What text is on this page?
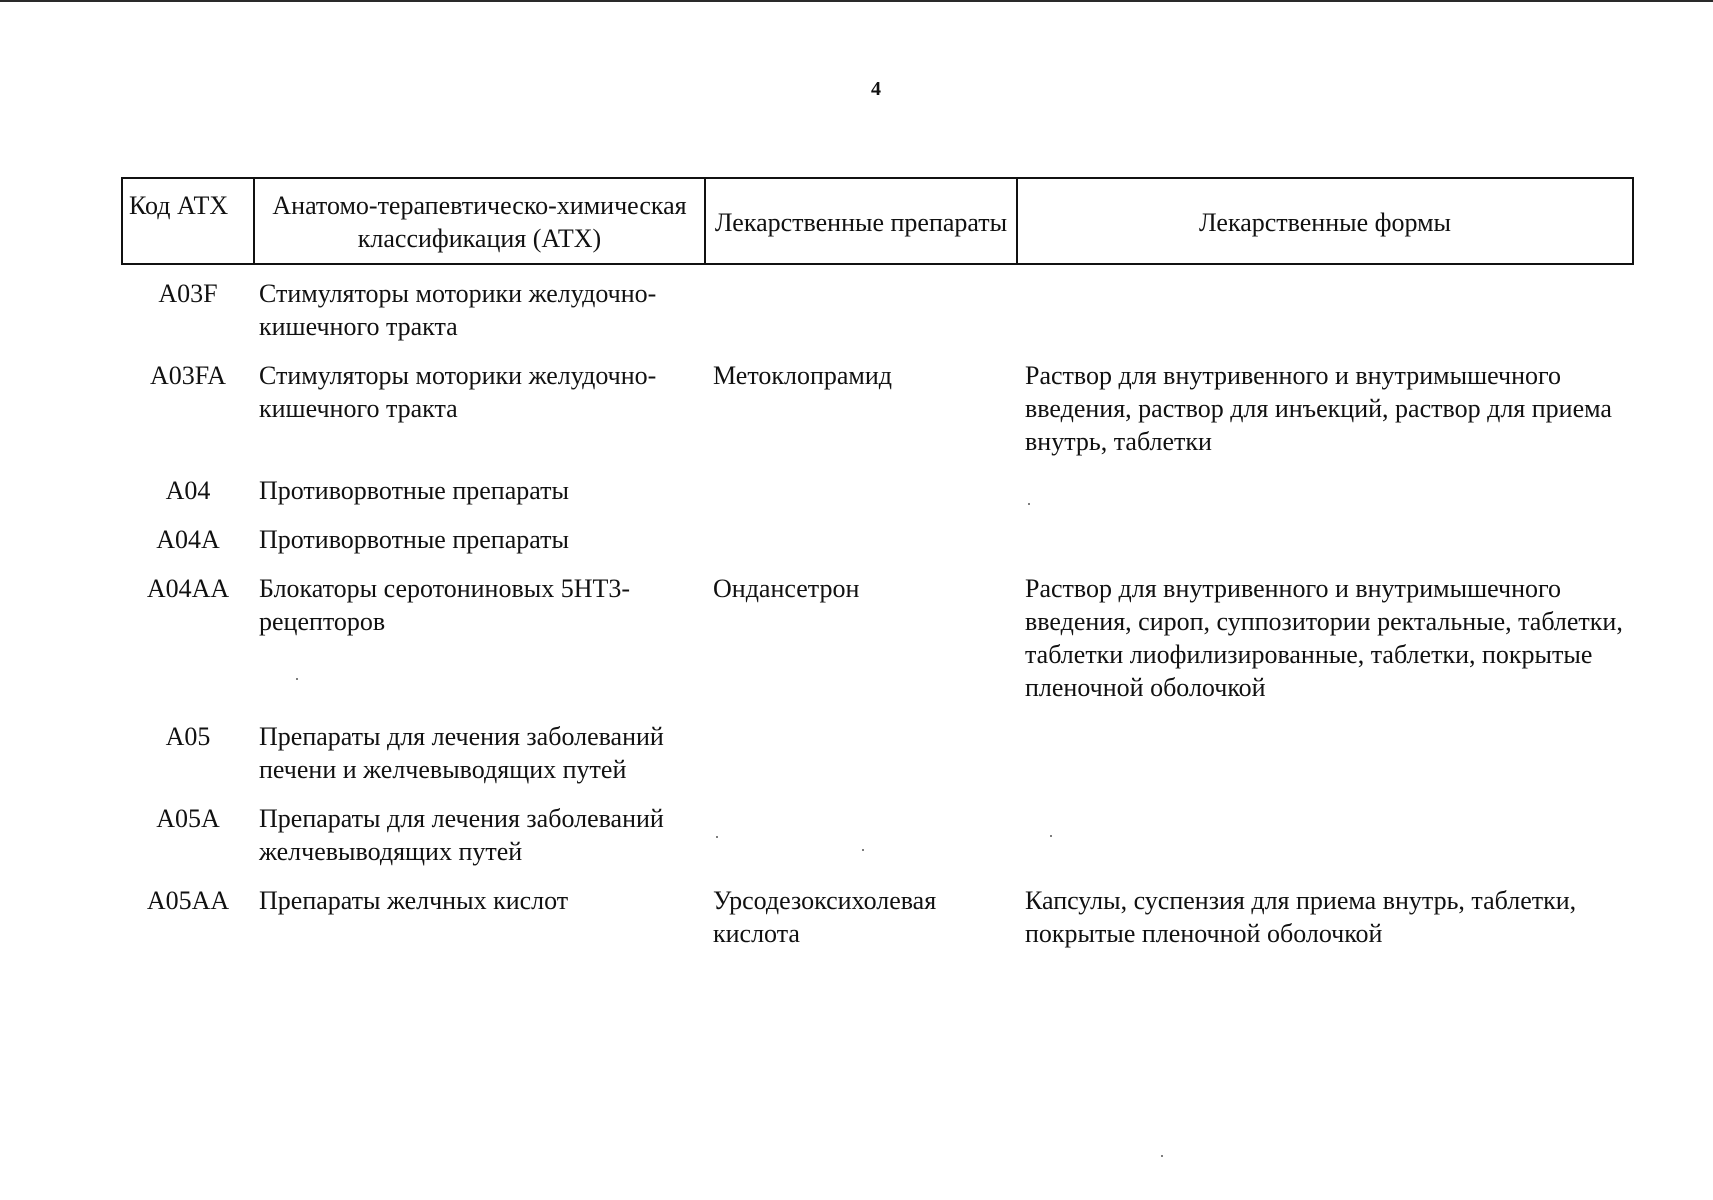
4
Код АТХ	Анатомо-терапевтическо-химическая классификация (АТХ)	Лекарственные препараты	Лекарственные формы
A03F	Стимуляторы моторики желудочно-кишечного тракта		
A03FA	Стимуляторы моторики желудочно-кишечного тракта	Метоклопрамид	Раствор для внутривенного и внутримышечного введения, раствор для инъекций, раствор для приема внутрь, таблетки
A04	Противорвотные препараты		
A04A	Противорвотные препараты		
A04AA	Блокаторы серотониновых 5HT3-рецепторов	Ондансетрон	Раствор для внутривенного и внутримышечного введения, сироп, суппозитории ректальные, таблетки, таблетки лиофилизированные, таблетки, покрытые пленочной оболочкой
A05	Препараты для лечения заболеваний печени и желчевыводящих путей		
A05A	Препараты для лечения заболеваний желчевыводящих путей		
A05AA	Препараты желчных кислот	Урсодезоксихолевая кислота	Капсулы, суспензия для приема внутрь, таблетки, покрытые пленочной оболочкой
